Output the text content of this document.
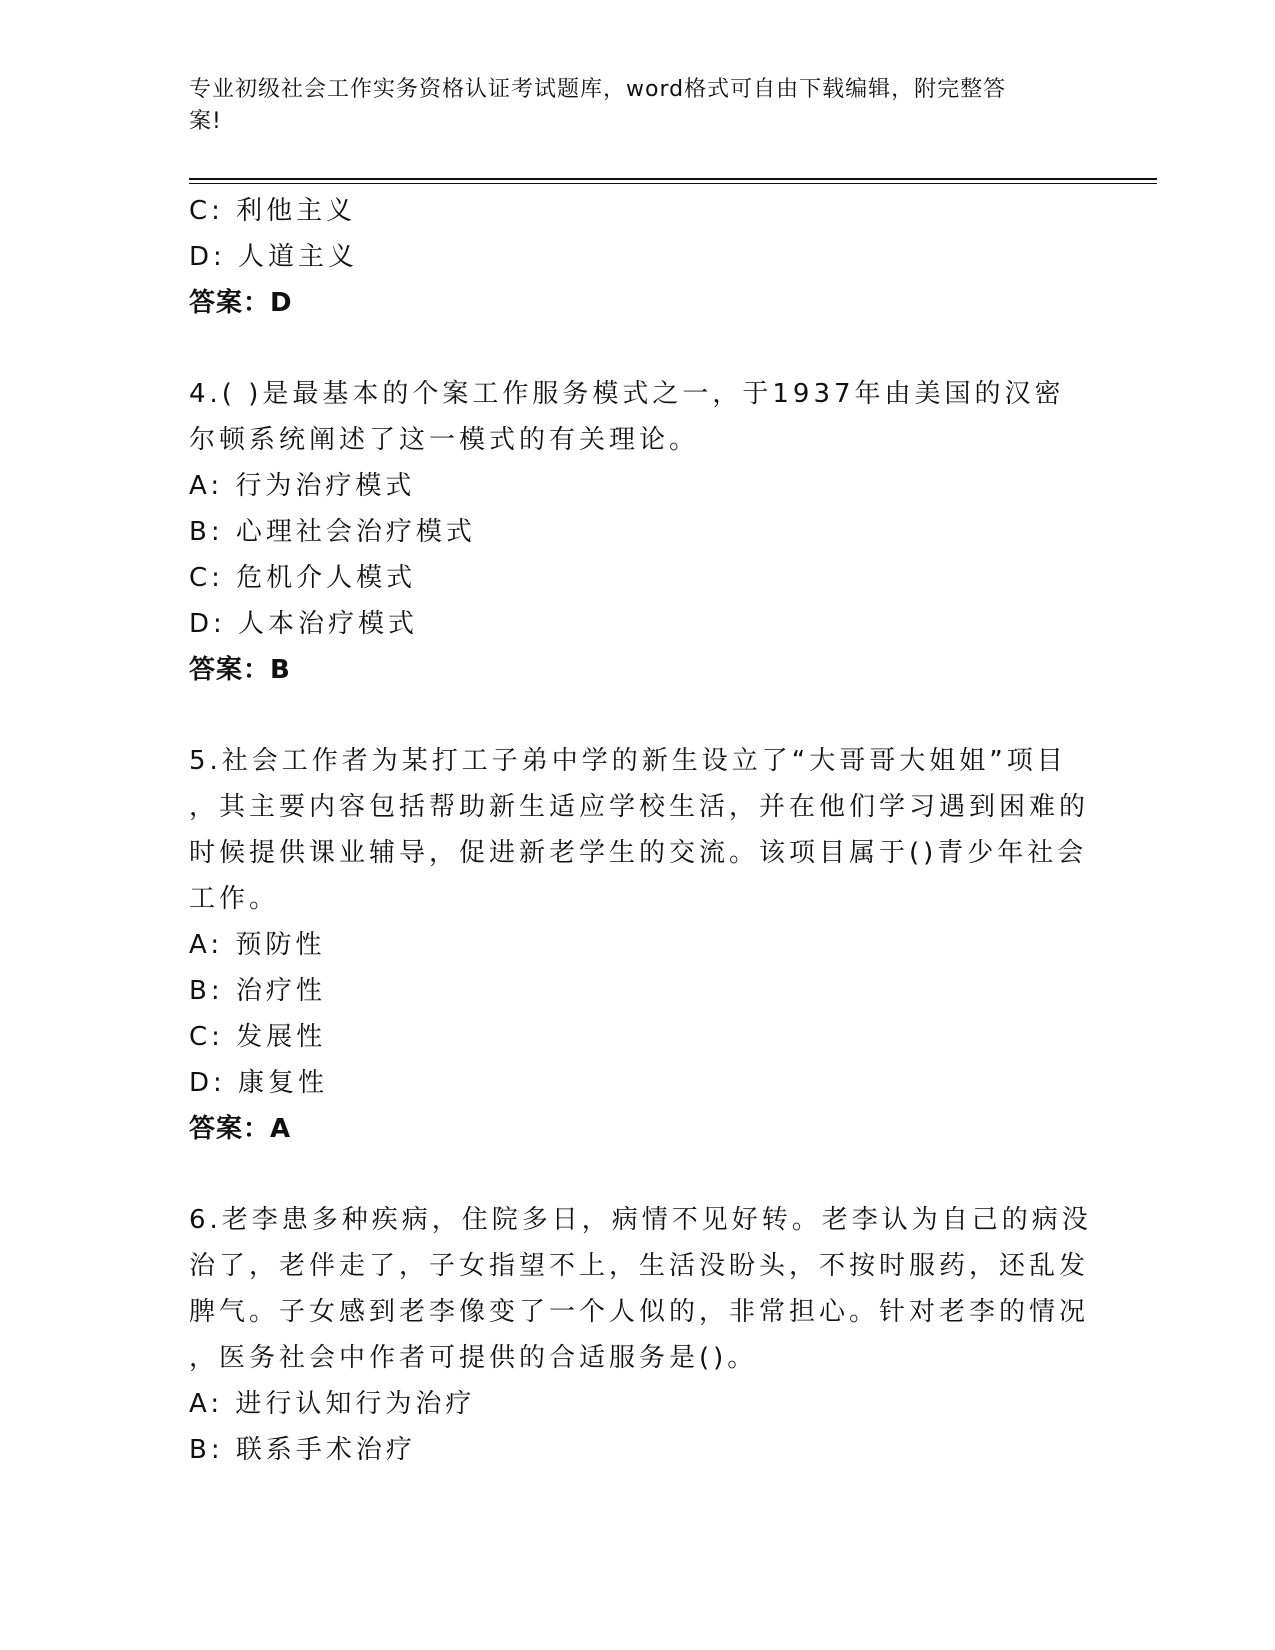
专业初级社会工作实务资格认证考试题库，word格式可自由下载编辑，附完整答
案!
C: 利他主义
D: 人道主义
答案：D
4.( )是最基本的个案工作服务模式之一，于1937年由美国的汉密
尔顿系统阐述了这一模式的有关理论。
A: 行为治疗模式
B: 心理社会治疗模式
C: 危机介人模式
D: 人本治疗模式
答案：B
5.社会工作者为某打工子弟中学的新生设立了“大哥哥大姐姐”项目
，其主要内容包括帮助新生适应学校生活，并在他们学习遇到困难的
时候提供课业辅导，促进新老学生的交流。该项目属于()青少年社会
工作。
A: 预防性
B: 治疗性
C: 发展性
D: 康复性
答案：A
6.老李患多种疾病，住院多日，病情不见好转。老李认为自己的病没
治了，老伴走了，子女指望不上，生活没盼头，不按时服药，还乱发
脾气。子女感到老李像变了一个人似的，非常担心。针对老李的情况
，医务社会中作者可提供的合适服务是()。
A: 进行认知行为治疗
B: 联系手术治疗
